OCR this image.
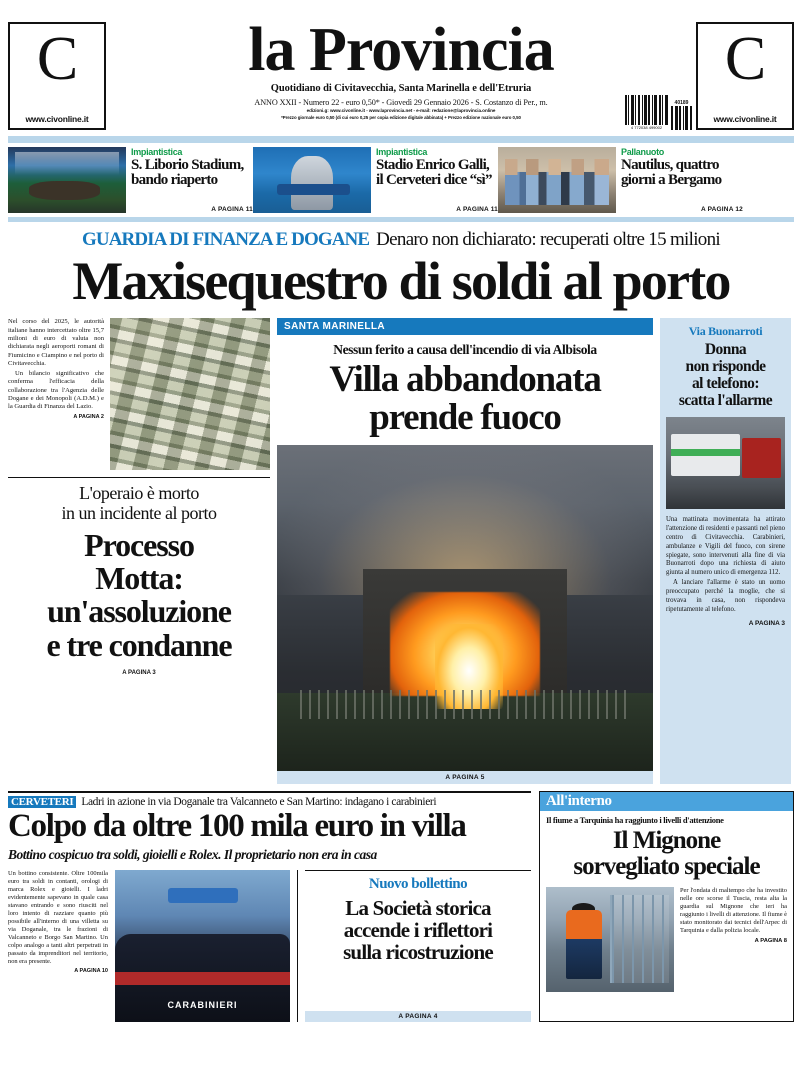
C
www.civonline.it
la Provincia
Quotidiano di Civitavecchia, Santa Marinella e dell'Etruria
ANNO XXII - Numero 22 - euro 0,50* - Giovedì 29 Gennaio 2026 - S. Costanzo di Per., m.
edizioni.g: www.civonline.it - www.laprovincia.net - e-mail: redazione@laprovincia.online
*Prezzo giornale euro 0,50 (di cui euro 0,25 per copia edizione digitale abbinata) + Prezzo edizione nazionale euro 0,50
4 772038 499002
40189
C
www.civonline.it
Impiantistica
S. Liborio Stadium,
bando riaperto
A PAGINA 11
Impiantistica
Stadio Enrico Galli,
il Cerveteri dice “sì”
A PAGINA 11
Pallanuoto
Nautilus, quattro
giorni a Bergamo
A PAGINA 12
GUARDIA DI FINANZA E DOGANE Denaro non dichiarato: recuperati oltre 15 milioni
Maxisequestro di soldi al porto

Nel corso del 2025, le autorità italiane hanno intercettato oltre 15,7 milioni di euro di valuta non dichiarata negli aeroporti romani di Fiumicino e Ciampino e nel porto di Civitavecchia.

Un bilancio significativo che conferma l'efficacia della collaborazione tra l'Agenzia delle Dogane e dei Monopoli (A.D.M.) e la Guardia di Finanza del Lazio.

A PAGINA 2
L'operaio è morto
in un incidente al porto
Processo
Motta:
un'assoluzione
e tre condanne
A PAGINA 3
SANTA MARINELLA
Nessun ferito a causa dell'incendio di via Albisola
Villa abbandonata
prende fuoco
A PAGINA 5
Via Buonarroti
Donna
non risponde
al telefono:
scatta l'allarme

Una mattinata movimentata ha attirato l'attenzione di residenti e passanti nel pieno centro di Civitavecchia. Carabinieri, ambulanze e Vigili del fuoco, con sirene spiegate, sono intervenuti alla fine di via Buonarroti dopo una richiesta di aiuto giunta al numero unico di emergenza 112.

A lanciare l'allarme è stato un uomo preoccupato perché la moglie, che si trovava in casa, non rispondeva ripetutamente al telefono.

A PAGINA 3
CERVETERI Ladri in azione in via Doganale tra Valcanneto e San Martino: indagano i carabinieri
Colpo da oltre 100 mila euro in villa
Bottino cospicuo tra soldi, gioielli e Rolex. Il proprietario non era in casa

Un bottino consistente. Oltre 100mila euro tra soldi in contanti, orologi di marca Rolex e gioielli. I ladri evidentemente sapevano in quale casa stavano entrando e sono riusciti nel loro intento di razziare quanto più possibile all'interno di una villetta su via Doganale, tra le frazioni di Valcanneto e Borgo San Martino. Un colpo analogo a tanti altri perpetrati in passato da imprenditori nel territorio, non era presente.

A PAGINA 10
CARABINIERI
Nuovo bollettino
La Società storica
accende i riflettori
sulla ricostruzione
A PAGINA 4
All'interno
Il fiume a Tarquinia ha raggiunto i livelli d'attenzione
Il Mignone
sorvegliato speciale

Per l'ondata di maltempo che ha investito nelle ore scorse il Tuscia, resta alta la guardia sul Mignone che ieri ha raggiunto i livelli di attenzione. Il fiume è stato monitorato dai tecnici dell'Arpec di Tarquinia e dalla polizia locale.

A PAGINA 8
